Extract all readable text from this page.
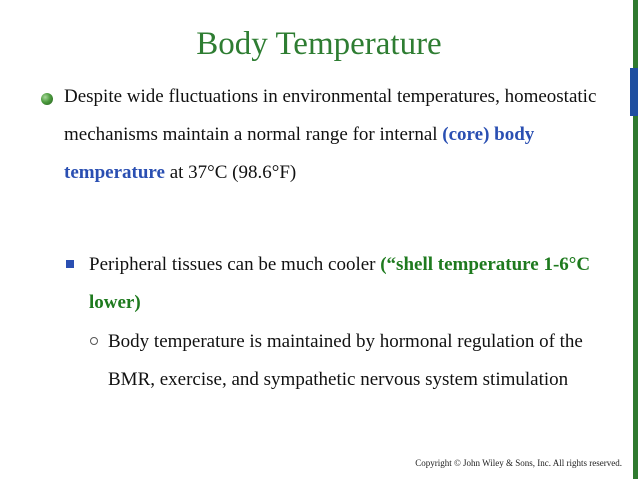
Body Temperature
Despite wide fluctuations in environmental temperatures, homeostatic mechanisms maintain a normal range for internal (core) body temperature at 37°C (98.6°F)
Peripheral tissues can be much cooler (“shell temperature 1-6°C lower)
Body temperature is maintained by hormonal regulation of the BMR, exercise, and sympathetic nervous system stimulation
Copyright © John Wiley & Sons, Inc. All rights reserved.
